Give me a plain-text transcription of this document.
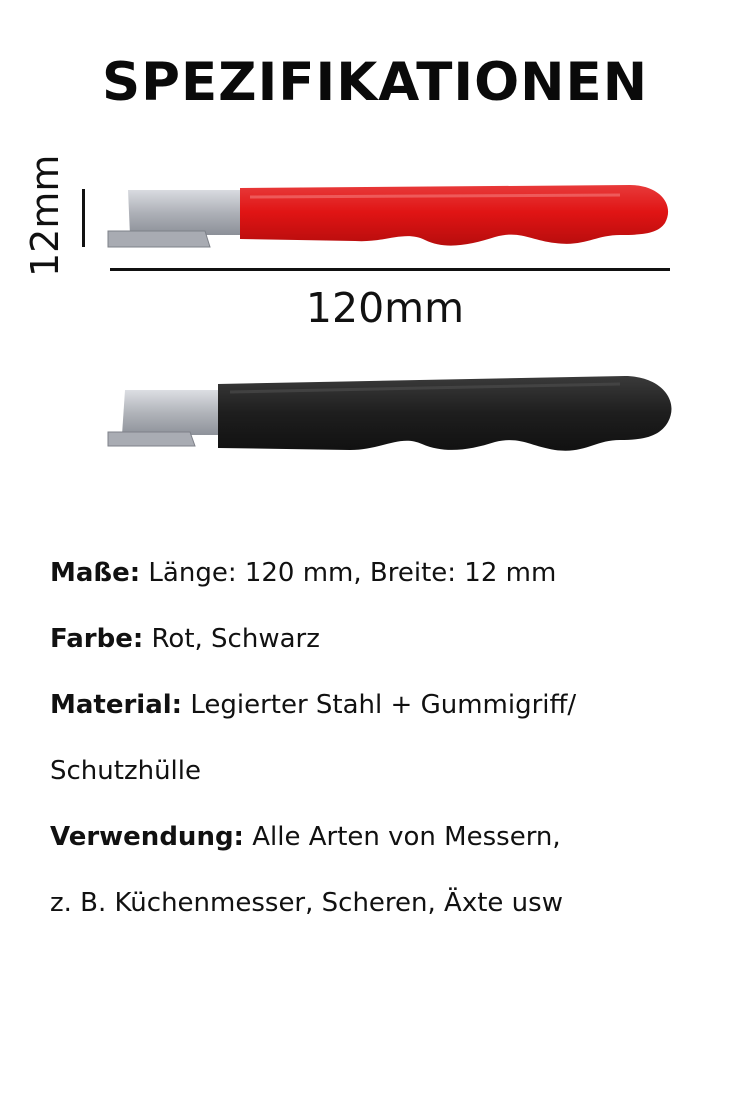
SPEZIFIKATIONEN
12mm
120mm
Maße: Länge: 120 mm, Breite: 12 mm
Farbe: Rot, Schwarz
Material: Legierter Stahl + Gummigriff/
Schutzhülle
Verwendung: Alle Arten von Messern,
z. B. Küchenmesser, Scheren, Äxte usw
